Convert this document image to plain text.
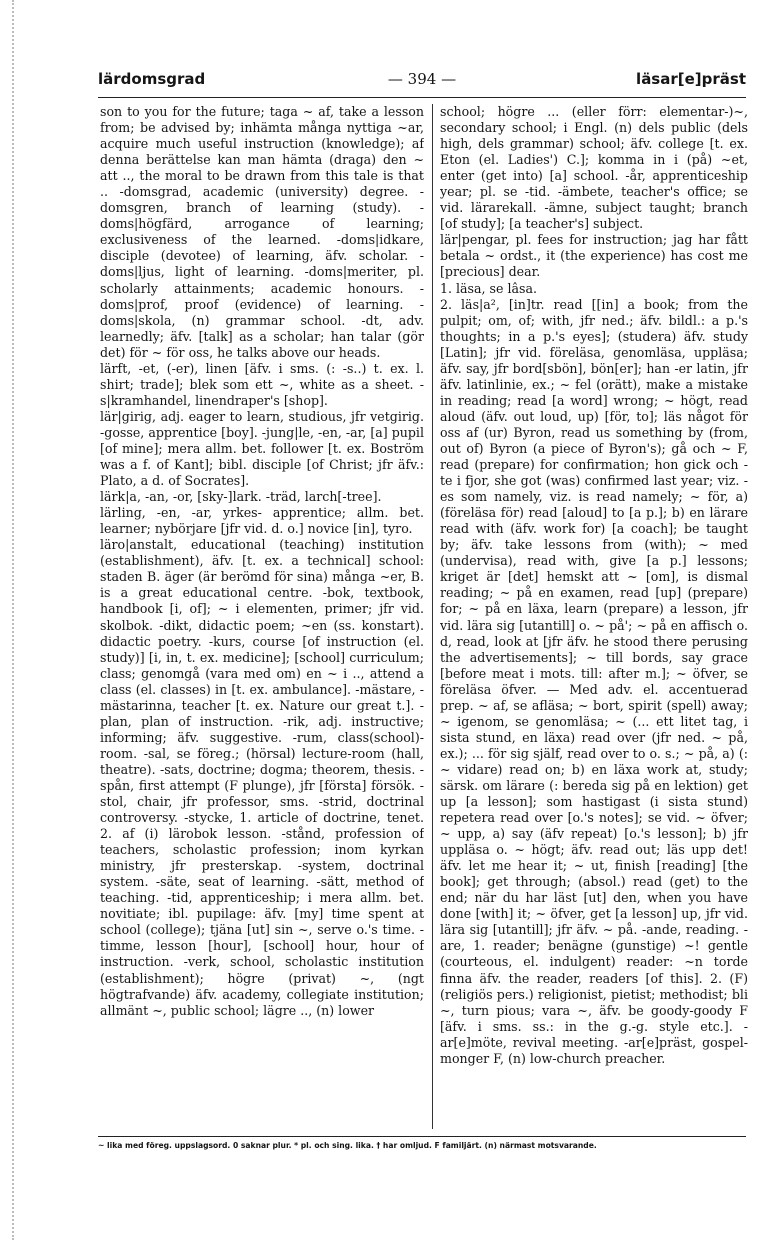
lärdomsgrad	— 394 —	läsar[e]präst

son to you for the future; taga ~ af, take a lesson from; be advised by; inhämta många nyttiga ~ar, acquire much useful instruction (knowledge); af denna berättelse kan man hämta (draga) den ~ att .., the moral to be drawn from this tale is that .. -domsgrad, academic (university) degree. -domsgren, branch of learning (study). -doms|högfärd, arrogance of learning; exclusiveness of the learned. -doms|idkare, disciple (devotee) of learning, äfv. scholar. -doms|ljus, light of learning. -doms|meriter, pl. scholarly attainments; academic honours. -doms|prof, proof (evidence) of learning. -doms|skola, (n) grammar school. -dt, adv. learnedly; äfv. [talk] as a scholar; han talar (gör det) för ~ för oss, he talks above our heads.

lärft, -et, (-er), linen [äfv. i sms. (: -s..) t. ex. l. shirt; trade]; blek som ett ~, white as a sheet. -s|kramhandel, linendraper's [shop].

lär|girig, adj. eager to learn, studious, jfr vetgirig. -gosse, apprentice [boy]. -jung|le, -en, -ar, [a] pupil [of mine]; mera allm. bet. follower [t. ex. Boström was a f. of Kant]; bibl. disciple [of Christ; jfr äfv.: Plato, a d. of Socrates].

lärk|a, -an, -or, [sky-]lark. -träd, larch[-tree].

lärling, -en, -ar, yrkes- apprentice; allm. bet. learner; nybörjare [jfr vid. d. o.] novice [in], tyro.

läro|anstalt, educational (teaching) institution (establishment), äfv. [t. ex. a technical] school: staden B. äger (är berömd för sina) många ~er, B. is a great educational centre. -bok, textbook, handbook [i, of]; ~ i elementen, primer; jfr vid. skolbok. -dikt, didactic poem; ~en (ss. konstart). didactic poetry. -kurs, course [of instruction (el. study)] [i, in, t. ex. medicine]; [school] curriculum; class; genomgå (vara med om) en ~ i .., attend a class (el. classes) in [t. ex. ambulance]. -mästare, -mästarinna, teacher [t. ex. Nature our great t.]. -plan, plan of instruction. -rik, adj. instructive; informing; äfv. suggestive. -rum, class(school)-room. -sal, se föreg.; (hörsal) lecture-room (hall, theatre). -sats, doctrine; dogma; theorem, thesis. -spån, first attempt (F plunge), jfr [första] försök. -stol, chair, jfr professor, sms. -strid, doctrinal controversy. -stycke, 1. article of doctrine, tenet. 2. af (i) lärobok lesson. -stånd, profession of teachers, scholastic profession; inom kyrkan ministry, jfr presterskap. -system, doctrinal system. -säte, seat of learning. -sätt, method of teaching. -tid, apprenticeship; i mera allm. bet. novitiate; ibl. pupilage: äfv. [my] time spent at school (college); tjäna [ut] sin ~, serve o.'s time. -timme, lesson [hour], [school] hour, hour of instruction. -verk, school, scholastic institution (establishment); högre (privat) ~, (ngt högtrafvande) äfv. academy, collegiate institution; allmänt ~, public school; lägre .., (n) lower

school; högre ... (eller förr: elementar-)~, secondary school; i Engl. (n) dels public (dels high, dels grammar) school; äfv. college [t. ex. Eton (el. Ladies') C.]; komma in i (på) ~et, enter (get into) [a] school. -år, apprenticeship year; pl. se -tid. -ämbete, teacher's office; se vid. lärarekall. -ämne, subject taught; branch [of study]; [a teacher's] subject.

lär|pengar, pl. fees for instruction; jag har fått betala ~ ordst., it (the experience) has cost me [precious] dear.

1. läsa, se lâsa.

2. läs|a², [in]tr. read [[in] a book; from the pulpit; om, of; with, jfr ned.; äfv. bildl.: a p.'s thoughts; in a p.'s eyes]; (studera) äfv. study [Latin]; jfr vid. föreläsa, genomläsa, uppläsa; äfv. say, jfr bord[sbön], bön[er]; han -er latin, jfr äfv. latinlinie, ex.; ~ fel (orätt), make a mistake in reading; read [a word] wrong; ~ högt, read aloud (äfv. out loud, up) [för, to]; läs något för oss af (ur) Byron, read us something by (from, out of) Byron (a piece of Byron's); gå och ~ F, read (prepare) for confirmation; hon gick och -te i fjor, she got (was) confirmed last year; viz. -es som namely, viz. is read namely; ~ för, a) (föreläsa för) read [aloud] to [a p.]; b) en lärare read with (äfv. work for) [a coach]; be taught by; äfv. take lessons from (with); ~ med (undervisa), read with, give [a p.] lessons; kriget är [det] hemskt att ~ [om], is dismal reading; ~ på en examen, read [up] (prepare) for; ~ på en läxa, learn (prepare) a lesson, jfr vid. lära sig [utantill] o. ~ på'; ~ på en affisch o. d, read, look at [jfr äfv. he stood there perusing the advertisements]; ~ till bords, say grace [before meat i mots. till: after m.]; ~ öfver, se föreläsa öfver. — Med adv. el. accentuerad prep. ~ af, se afläsa; ~ bort, spirit (spell) away; ~ igenom, se genomläsa; ~ (... ett litet tag, i sista stund, en läxa) read over (jfr ned. ~ på, ex.); ... för sig själf, read over to o. s.; ~ på, a) (: ~ vidare) read on; b) en läxa work at, study; särsk. om lärare (: bereda sig på en lektion) get up [a lesson]; som hastigast (i sista stund) repetera read over [o.'s notes]; se vid. ~ öfver; ~ upp, a) say (äfv repeat) [o.'s lesson]; b) jfr uppläsa o. ~ högt; äfv. read out; läs upp det! äfv. let me hear it; ~ ut, finish [reading] [the book]; get through; (absol.) read (get) to the end; när du har läst [ut] den, when you have done [with] it; ~ öfver, get [a lesson] up, jfr vid. lära sig [utantill]; jfr äfv. ~ på. -ande, reading. -are, 1. reader; benägne (gunstige) ~! gentle (courteous, el. indulgent) reader: ~n torde finna äfv. the reader, readers [of this]. 2. (F) (religiös pers.) religionist, pietist; methodist; bli ~, turn pious; vara ~, äfv. be goody-goody F [äfv. i sms. ss.: in the g.-g. style etc.]. -ar[e]möte, revival meeting. -ar[e]präst, gospel-monger F, (n) low-church preacher.

~ lika med föreg. uppslagsord. 0 saknar plur. * pl. och sing. lika. † har omljud. F familjärt. (n) närmast motsvarande.
